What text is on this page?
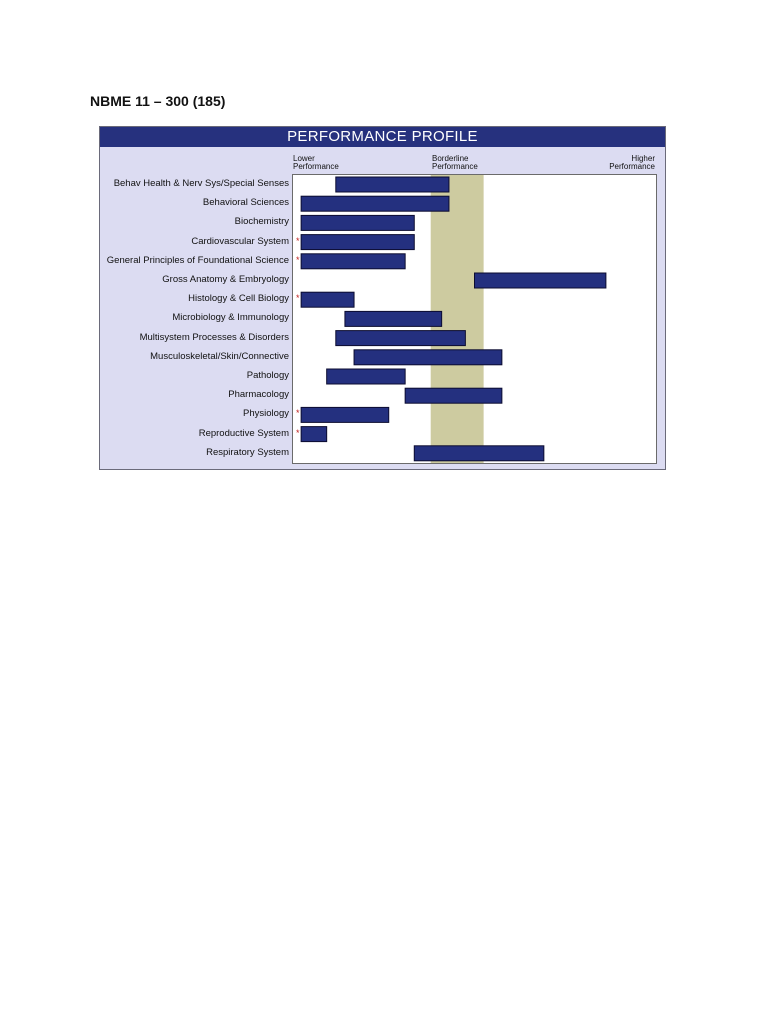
NBME 11 – 300 (185)
PERFORMANCE PROFILE
Lower
Performance
Borderline
Performance
Higher
Performance
Behav Health & Nerv Sys/Special Senses
Behavioral Sciences
Biochemistry
Cardiovascular System *
General Principles of Foundational Science *
Gross Anatomy & Embryology
Histology & Cell Biology *
Microbiology & Immunology
Multisystem Processes & Disorders
Musculoskeletal/Skin/Connective
Pathology
Pharmacology
Physiology *
Reproductive System *
Respiratory System
